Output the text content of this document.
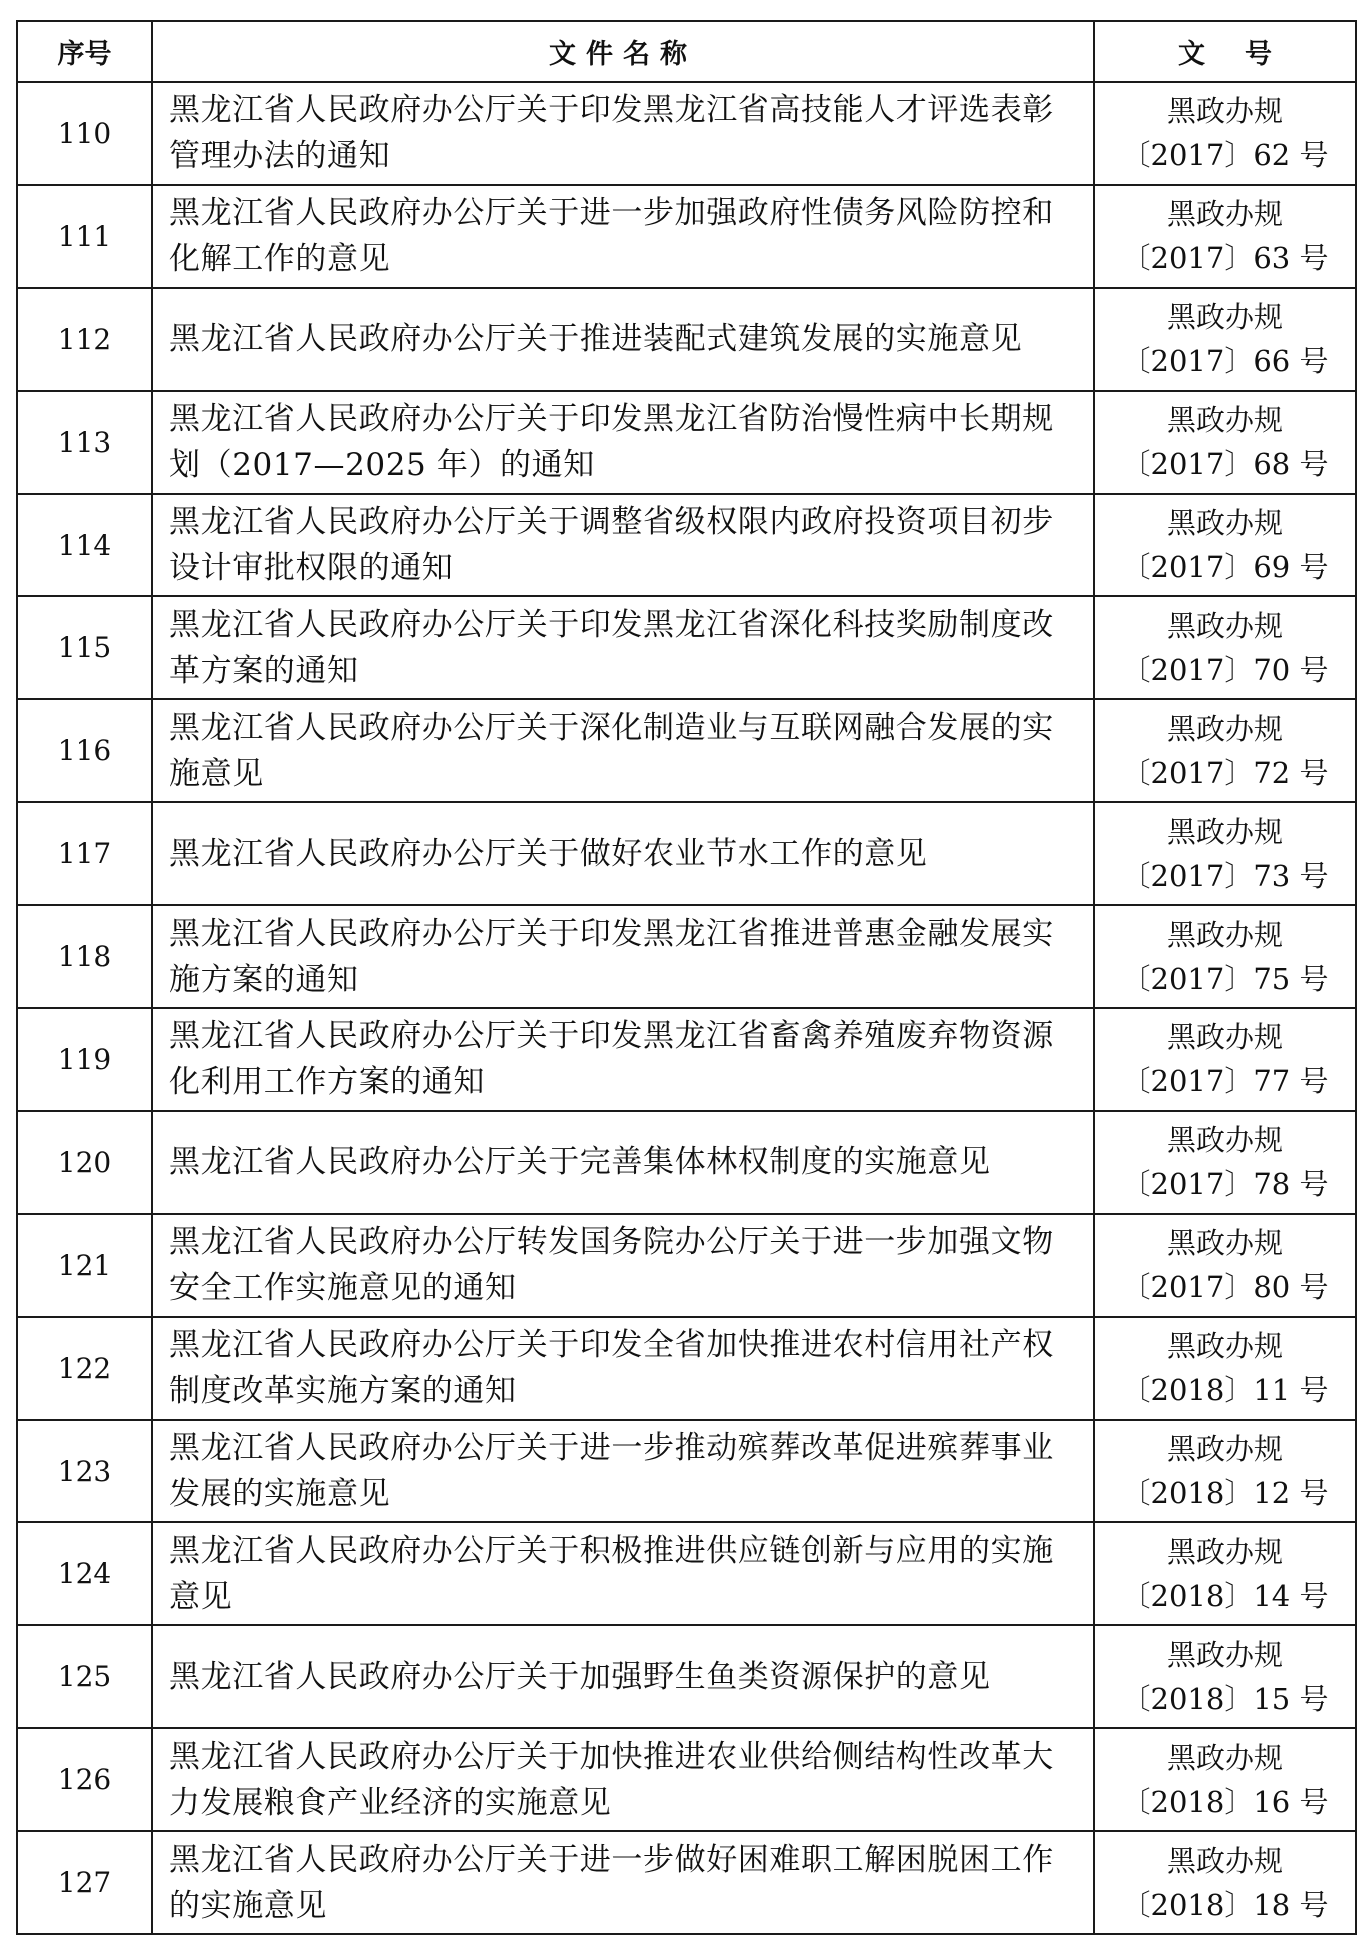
序号	文件名称	文号
110	黑龙江省人民政府办公厅关于印发黑龙江省高技能人才评选表彰管理办法的通知	黑政办规
〔2017〕62 号

111	黑龙江省人民政府办公厅关于进一步加强政府性债务风险防控和化解工作的意见	黑政办规
〔2017〕63 号

112	黑龙江省人民政府办公厅关于推进装配式建筑发展的实施意见	黑政办规
〔2017〕66 号

113	黑龙江省人民政府办公厅关于印发黑龙江省防治慢性病中长期规划（2017—2025 年）的通知	黑政办规
〔2017〕68 号

114	黑龙江省人民政府办公厅关于调整省级权限内政府投资项目初步设计审批权限的通知	黑政办规
〔2017〕69 号

115	黑龙江省人民政府办公厅关于印发黑龙江省深化科技奖励制度改革方案的通知	黑政办规
〔2017〕70 号

116	黑龙江省人民政府办公厅关于深化制造业与互联网融合发展的实施意见	黑政办规
〔2017〕72 号

117	黑龙江省人民政府办公厅关于做好农业节水工作的意见	黑政办规
〔2017〕73 号

118	黑龙江省人民政府办公厅关于印发黑龙江省推进普惠金融发展实施方案的通知	黑政办规
〔2017〕75 号

119	黑龙江省人民政府办公厅关于印发黑龙江省畜禽养殖废弃物资源化利用工作方案的通知	黑政办规
〔2017〕77 号

120	黑龙江省人民政府办公厅关于完善集体林权制度的实施意见	黑政办规
〔2017〕78 号

121	黑龙江省人民政府办公厅转发国务院办公厅关于进一步加强文物安全工作实施意见的通知	黑政办规
〔2017〕80 号

122	黑龙江省人民政府办公厅关于印发全省加快推进农村信用社产权制度改革实施方案的通知	黑政办规
〔2018〕11 号

123	黑龙江省人民政府办公厅关于进一步推动殡葬改革促进殡葬事业发展的实施意见	黑政办规
〔2018〕12 号

124	黑龙江省人民政府办公厅关于积极推进供应链创新与应用的实施意见	黑政办规
〔2018〕14 号

125	黑龙江省人民政府办公厅关于加强野生鱼类资源保护的意见	黑政办规
〔2018〕15 号

126	黑龙江省人民政府办公厅关于加快推进农业供给侧结构性改革大力发展粮食产业经济的实施意见	黑政办规
〔2018〕16 号

127	黑龙江省人民政府办公厅关于进一步做好困难职工解困脱困工作的实施意见	黑政办规
〔2018〕18 号
